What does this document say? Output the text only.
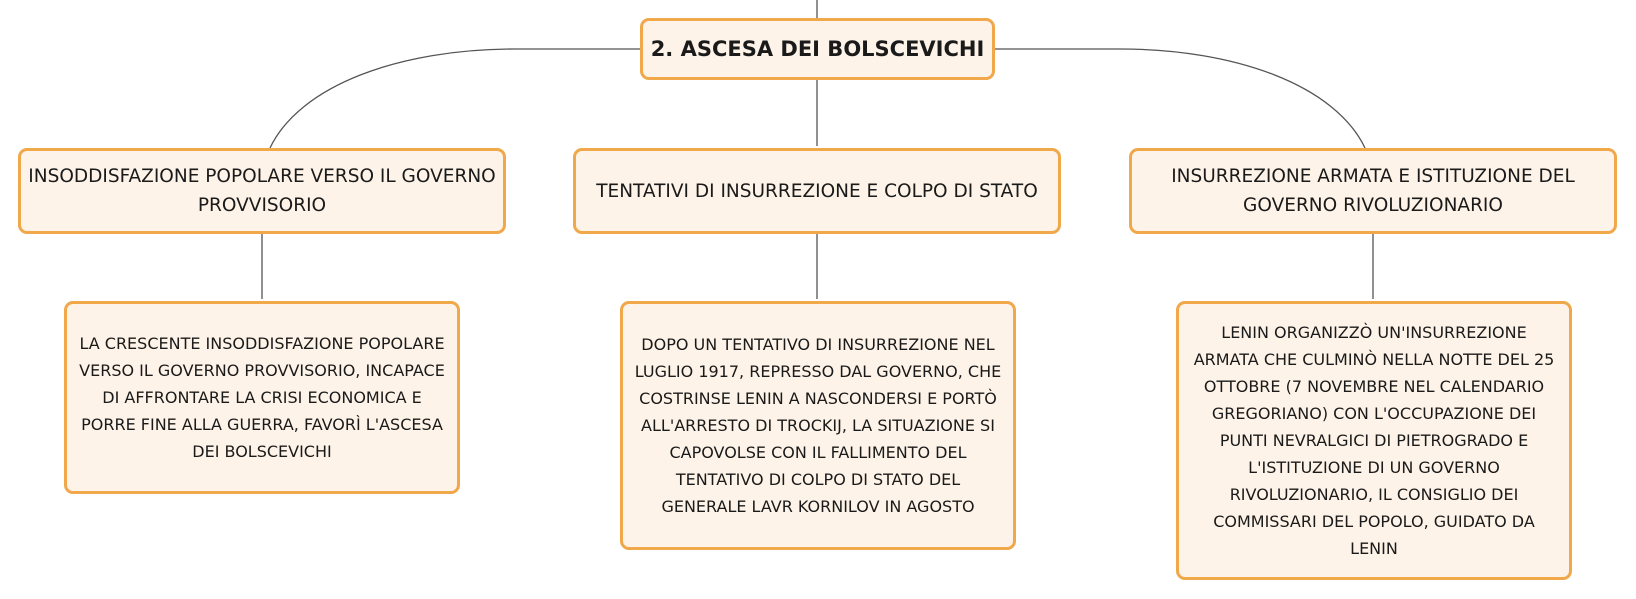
2. ASCESA DEI BOLSCEVICHI
INSODDISFAZIONE POPOLARE VERSO IL GOVERNO PROVVISORIO
TENTATIVI DI INSURREZIONE E COLPO DI STATO
INSURREZIONE ARMATA E ISTITUZIONE DEL GOVERNO RIVOLUZIONARIO
LA CRESCENTE INSODDISFAZIONE POPOLARE VERSO IL GOVERNO PROVVISORIO, INCAPACE DI AFFRONTARE LA CRISI ECONOMICA E PORRE FINE ALLA GUERRA, FAVORÌ L'ASCESA DEI BOLSCEVICHI
DOPO UN TENTATIVO DI INSURREZIONE NEL LUGLIO 1917, REPRESSO DAL GOVERNO, CHE COSTRINSE LENIN A NASCONDERSI E PORTÒ ALL'ARRESTO DI TROCKIJ, LA SITUAZIONE SI CAPOVOLSE CON IL FALLIMENTO DEL TENTATIVO DI COLPO DI STATO DEL GENERALE LAVR KORNILOV IN AGOSTO
LENIN ORGANIZZÒ UN'INSURREZIONE ARMATA CHE CULMINÒ NELLA NOTTE DEL 25 OTTOBRE (7 NOVEMBRE NEL CALENDARIO GREGORIANO) CON L'OCCUPAZIONE DEI PUNTI NEVRALGICI DI PIETROGRADO E L'ISTITUZIONE DI UN GOVERNO RIVOLUZIONARIO, IL CONSIGLIO DEI COMMISSARI DEL POPOLO, GUIDATO DA LENIN
